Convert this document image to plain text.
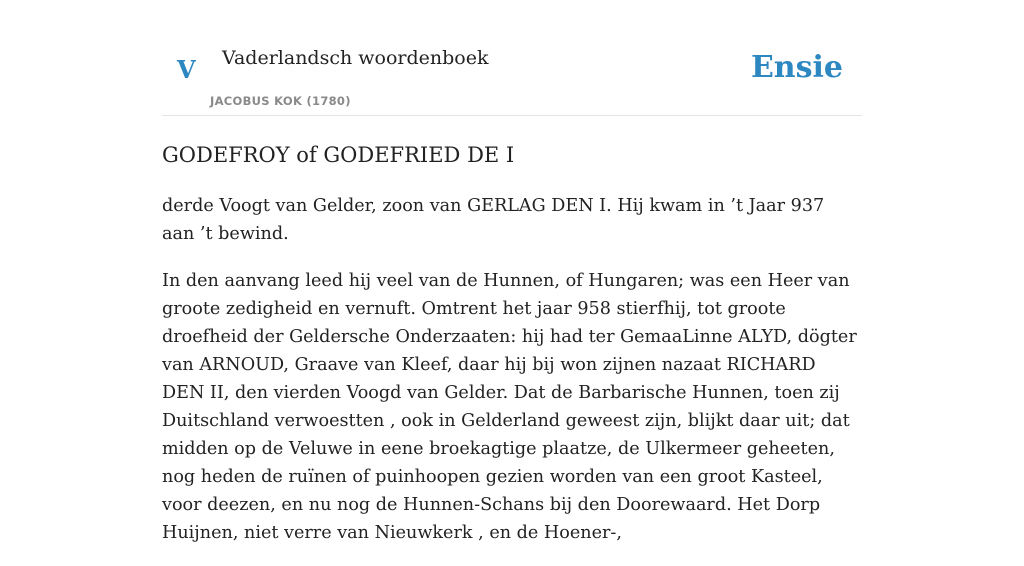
V Vaderlandsch woordenboek
JACOBUS KOK (1780)
Ensie
GODEFROY of GODEFRIED DE I

derde Voogt van Gelder, zoon van GERLAG DEN I. Hij kwam in ’t Jaar 937 aan ’t bewind.

In den aanvang leed hij veel van de Hunnen, of Hungaren; was een Heer van groote zedigheid en vernuft. Omtrent het jaar 958 stierfhij, tot groote droefheid der Geldersche Onderzaaten: hij had ter GemaaLinne ALYD, dögter van ARNOUD, Graave van Kleef, daar hij bij won zijnen nazaat RICHARD DEN II, den vierden Voogd van Gelder. Dat de Barbarische Hunnen, toen zij Duitschland verwoestten , ook in Gelderland geweest zijn, blijkt daar uit; dat midden op de Veluwe in eene broekagtige plaatze, de Ulkermeer geheeten, nog heden de ruïnen of puinhoopen gezien worden van een groot Kasteel, voor deezen, en nu nog de Hunnen-Schans bij den Doorewaard. Het Dorp Huijnen, niet verre van Nieuwkerk , en de Hoener-,
